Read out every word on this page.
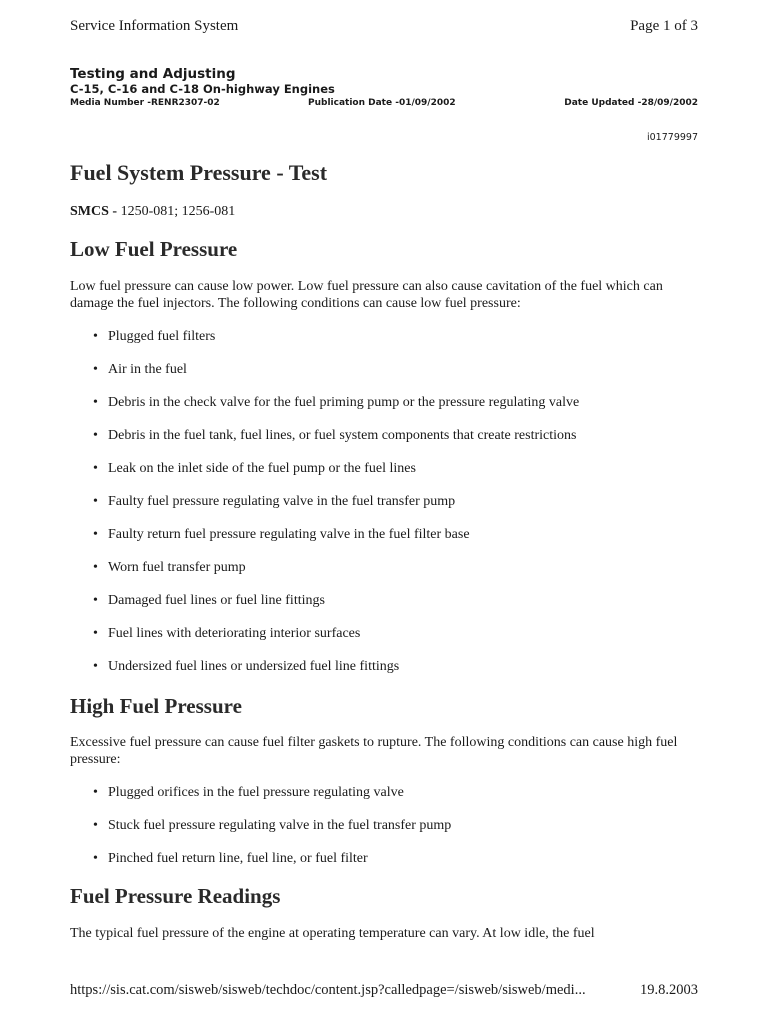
Service Information System	Page 1 of 3
Testing and Adjusting
C-15, C-16 and C-18 On-highway Engines
Media Number -RENR2307-02	Publication Date -01/09/2002	Date Updated -28/09/2002
i01779997
Fuel System Pressure - Test
SMCS - 1250-081; 1256-081
Low Fuel Pressure

Low fuel pressure can cause low power. Low fuel pressure can also cause cavitation of the fuel which can damage the fuel injectors. The following conditions can cause low fuel pressure:

• Plugged fuel filters
• Air in the fuel
• Debris in the check valve for the fuel priming pump or the pressure regulating valve
• Debris in the fuel tank, fuel lines, or fuel system components that create restrictions
• Leak on the inlet side of the fuel pump or the fuel lines
• Faulty fuel pressure regulating valve in the fuel transfer pump
• Faulty return fuel pressure regulating valve in the fuel filter base
• Worn fuel transfer pump
• Damaged fuel lines or fuel line fittings
• Fuel lines with deteriorating interior surfaces
• Undersized fuel lines or undersized fuel line fittings
High Fuel Pressure

Excessive fuel pressure can cause fuel filter gaskets to rupture. The following conditions can cause high fuel pressure:

• Plugged orifices in the fuel pressure regulating valve
• Stuck fuel pressure regulating valve in the fuel transfer pump
• Pinched fuel return line, fuel line, or fuel filter
Fuel Pressure Readings

The typical fuel pressure of the engine at operating temperature can vary. At low idle, the fuel

https://sis.cat.com/sisweb/sisweb/techdoc/content.jsp?calledpage=/sisweb/sisweb/medi...	19.8.2003
